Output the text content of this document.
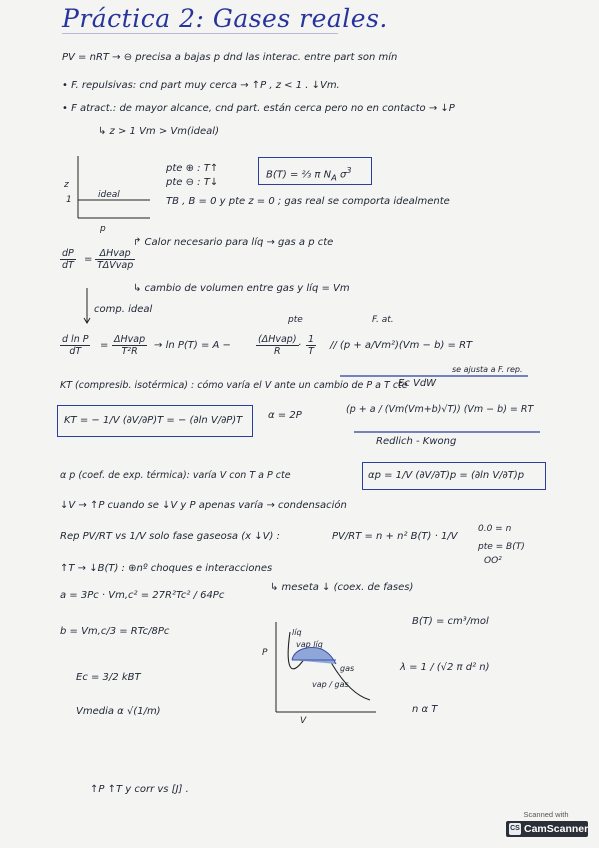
Práctica 2: Gases reales.
PV = nRT → ⊖ precisa a bajas p dnd las interac. entre part son mín
• F. repulsivas: cnd part muy cerca → ↑P , z < 1 . ↓Vm.
• F atract.: de mayor alcance, cnd part. están cerca pero no en contacto → ↓P
↳ z > 1 Vm > Vm(ideal)
z
1	ideal
p
pte ⊕ : T↑
pte ⊖ : T↓
B(T) = ⅔ π $N_A$ $\sigma^3$
TB , B = 0 y pte z = 0 ; gas real se comporta idealmente
$\frac{dP}{dT}$ =
ΔHvap
TΔVvap
↱ Calor necesario para líq → gas a p cte
↳ cambio de volumen entre gas y líq = Vm
comp. ideal
$\frac{\text{d ln P}}{dT}$ =
ΔHvap
T²R
→ ln P(T) = A −
(ΔHvap)
R
· $\frac{1}{T}$
pte	F. at.
// (p + a/Vm²)(Vm − b) = RT
se ajusta a F. rep.
Ec VdW
KT (compresib. isotérmica) : cómo varía el V ante un cambio de P a T cte
KT = − 1/V (∂V/∂P)T = − (∂ln V/∂P)T	α = 2P
(p + a / (Vm(Vm+b)√T)) (Vm − b) = RT
Redlich - Kwong
α p (coef. de exp. térmica): varía V con T a P cte	αp = 1/V (∂V/∂T)p = (∂ln V/∂T)p
↓V → ↑P cuando se ↓V y P apenas varía → condensación
Rep PV/RT vs 1/V solo fase gaseosa (x ↓V) :	PV/RT = n + n² B(T) · 1/V
0.0 = n
pte = B(T)
OO²
↑T → ↓B(T) : ⊕nº choques e interacciones
a = 3Pc · Vm,c² = 27R²Tc² / 64Pc
↳ meseta ↓ (coex. de fases)
b = Vm,c/3 = RTc/8Pc
B(T) = cm³/mol
P
V
líq
vap líq
gas
vap / gas
Ec = 3/2 kBT
Vmedia α √(1/m)
λ = 1 / (√2 π d² n)
n α T
↑P ↑T y corr vs [J] .
Scanned with
CS CamScanner
